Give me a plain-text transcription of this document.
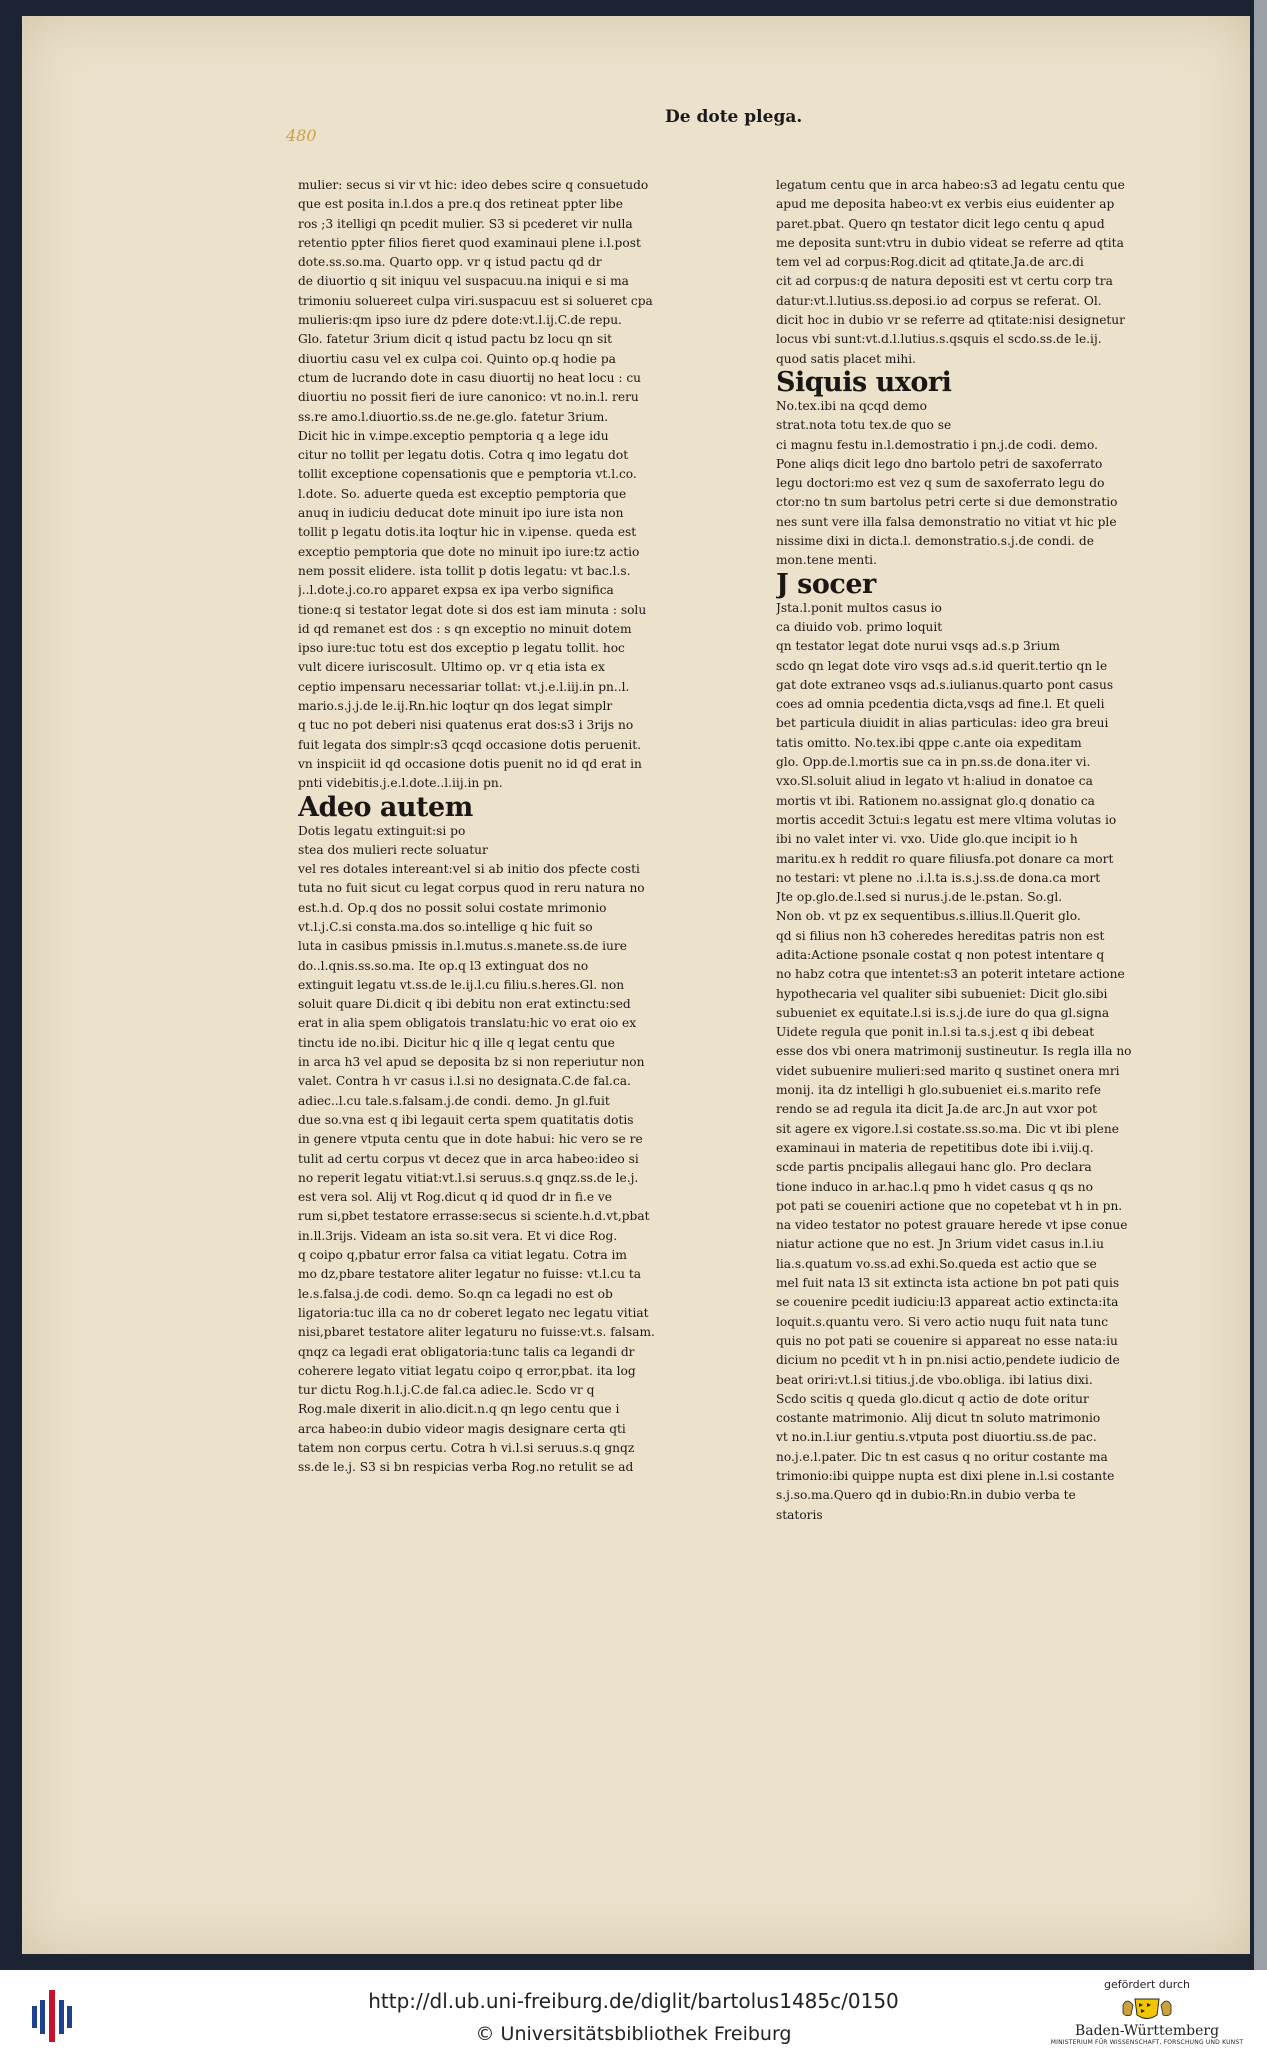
480
De dote plega.

mulier: secus si vir vt hic: ideo debes scire q consuetudo
que est posita in.l.dos a pre.q dos retineat ppter libe
ros ;3 itelligi qn pcedit mulier. S3 si pcederet vir nulla
retentio ppter filios fieret quod examinaui plene i.l.post
dote.ss.so.ma. Quarto opp. vr q istud pactu qd dr
de diuortio q sit iniquu vel suspacuu.na iniqui e si ma
trimoniu soluereet culpa viri.suspacuu est si solueret cpa
mulieris:qm ipso iure dz pdere dote:vt.l.ij.C.de repu.
Glo. fatetur 3rium dicit q istud pactu bz locu qn sit
diuortiu casu vel ex culpa coi. Quinto op.q hodie pa
ctum de lucrando dote in casu diuortij no heat locu : cu
diuortiu no possit fieri de iure canonico: vt no.in.l. reru
ss.re amo.l.diuortio.ss.de ne.ge.glo. fatetur 3rium.
Dicit hic in v.impe.exceptio pemptoria q a lege idu
citur no tollit per legatu dotis. Cotra q imo legatu dot
tollit exceptione copensationis que e pemptoria vt.l.co.
l.dote. So. aduerte queda est exceptio pemptoria que
anuq in iudiciu deducat dote minuit ipo iure ista non
tollit p legatu dotis.ita loqtur hic in v.ipense. queda est
exceptio pemptoria que dote no minuit ipo iure:tz actio
nem possit elidere. ista tollit p dotis legatu: vt bac.l.s.
j..l.dote.j.co.ro apparet expsa ex ipa verbo significa
tione:q si testator legat dote si dos est iam minuta : solu
id qd remanet est dos : s qn exceptio no minuit dotem
ipso iure:tuc totu est dos exceptio p legatu tollit. hoc
vult dicere iuriscosult. Ultimo op. vr q etia ista ex
ceptio impensaru necessariar tollat: vt.j.e.l.iij.in pn..l.
mario.s.j.j.de le.ij.Rn.hic loqtur qn dos legat simplr
q tuc no pot deberi nisi quatenus erat dos:s3 i 3rijs no
fuit legata dos simplr:s3 qcqd occasione dotis peruenit.
vn inspiciit id qd occasione dotis puenit no id qd erat in
pnti videbitis.j.e.l.dote..l.iij.in pn.

Adeo autem

Dotis legatu extinguit:si po
stea dos mulieri recte soluatur
vel res dotales intereant:vel si ab initio dos pfecte costi
tuta no fuit sicut cu legat corpus quod in reru natura no
est.h.d. Op.q dos no possit solui costate mrimonio
vt.l.j.C.si consta.ma.dos so.intellige q hic fuit so
luta in casibus pmissis in.l.mutus.s.manete.ss.de iure
do..l.qnis.ss.so.ma. Ite op.q l3 extinguat dos no
extinguit legatu vt.ss.de le.ij.l.cu filiu.s.heres.Gl. non
soluit quare Di.dicit q ibi debitu non erat extinctu:sed
erat in alia spem obligatois translatu:hic vo erat oio ex
tinctu ide no.ibi. Dicitur hic q ille q legat centu que
in arca h3 vel apud se deposita bz si non reperiutur non
valet. Contra h vr casus i.l.si no designata.C.de fal.ca.
adiec..l.cu tale.s.falsam.j.de condi. demo. Jn gl.fuit
due so.vna est q ibi legauit certa spem quatitatis dotis
in genere vtputa centu que in dote habui: hic vero se re
tulit ad certu corpus vt decez que in arca habeo:ideo si
no reperit legatu vitiat:vt.l.si seruus.s.q gnqz.ss.de le.j.
est vera sol. Alij vt Rog.dicut q id quod dr in fi.e ve
rum si,pbet testatore errasse:secus si sciente.h.d.vt,pbat
in.ll.3rijs. Videam an ista so.sit vera. Et vi dice Rog.
q coipo q,pbatur error falsa ca vitiat legatu. Cotra im
mo dz,pbare testatore aliter legatur no fuisse: vt.l.cu ta
le.s.falsa.j.de codi. demo. So.qn ca legadi no est ob
ligatoria:tuc illa ca no dr coberet legato nec legatu vitiat
nisi,pbaret testatore aliter legaturu no fuisse:vt.s. falsam.
qnqz ca legadi erat obligatoria:tunc talis ca legandi dr
coherere legato vitiat legatu coipo q error,pbat. ita log
tur dictu Rog.h.l.j.C.de fal.ca adiec.le. Scdo vr q
Rog.male dixerit in alio.dicit.n.q qn lego centu que i
arca habeo:in dubio videor magis designare certa qti
tatem non corpus certu. Cotra h vi.l.si seruus.s.q gnqz
ss.de le.j. S3 si bn respicias verba Rog.no retulit se ad

legatum centu que in arca habeo:s3 ad legatu centu que
apud me deposita habeo:vt ex verbis eius euidenter ap
paret.pbat. Quero qn testator dicit lego centu q apud
me deposita sunt:vtru in dubio videat se referre ad qtita
tem vel ad corpus:Rog.dicit ad qtitate.Ja.de arc.di
cit ad corpus:q de natura depositi est vt certu corp tra
datur:vt.l.lutius.ss.deposi.io ad corpus se referat. Ol.
dicit hoc in dubio vr se referre ad qtitate:nisi designetur
locus vbi sunt:vt.d.l.lutius.s.qsquis el scdo.ss.de le.ij.
quod satis placet mihi.

Siquis uxori

No.tex.ibi na qcqd demo
strat.nota totu tex.de quo se
ci magnu festu in.l.demostratio i pn.j.de codi. demo.
Pone aliqs dicit lego dno bartolo petri de saxoferrato
legu doctori:mo est vez q sum de saxoferrato legu do
ctor:no tn sum bartolus petri certe si due demonstratio
nes sunt vere illa falsa demonstratio no vitiat vt hic ple
nissime dixi in dicta.l. demonstratio.s.j.de condi. de
mon.tene menti.

J socer

Jsta.l.ponit multos casus io
ca diuido vob. primo loquit
qn testator legat dote nurui vsqs ad.s.p 3rium
scdo qn legat dote viro vsqs ad.s.id querit.tertio qn le
gat dote extraneo vsqs ad.s.iulianus.quarto pont casus
coes ad omnia pcedentia dicta,vsqs ad fine.l. Et queli
bet particula diuidit in alias particulas: ideo gra breui
tatis omitto. No.tex.ibi qppe c.ante oia expeditam
glo. Opp.de.l.mortis sue ca in pn.ss.de dona.iter vi.
vxo.Sl.soluit aliud in legato vt h:aliud in donatoe ca
mortis vt ibi. Rationem no.assignat glo.q donatio ca
mortis accedit 3ctui:s legatu est mere vltima volutas io
ibi no valet inter vi. vxo. Uide glo.que incipit io h
maritu.ex h reddit ro quare filiusfa.pot donare ca mort
no testari: vt plene no .i.l.ta is.s.j.ss.de dona.ca mort
Jte op.glo.de.l.sed si nurus.j.de le.pstan. So.gl.
Non ob. vt pz ex sequentibus.s.illius.ll.Querit glo.
qd si filius non h3 coheredes hereditas patris non est
adita:Actione psonale costat q non potest intentare q
no habz cotra que intentet:s3 an poterit intetare actione
hypothecaria vel qualiter sibi subueniet: Dicit glo.sibi
subueniet ex equitate.l.si is.s.j.de iure do qua gl.signa
Uidete regula que ponit in.l.si ta.s.j.est q ibi debeat
esse dos vbi onera matrimonij sustineutur. Is regla illa no
videt subuenire mulieri:sed marito q sustinet onera mri
monij. ita dz intelligi h glo.subueniet ei.s.marito refe
rendo se ad regula ita dicit Ja.de arc.Jn aut vxor pot
sit agere ex vigore.l.si costate.ss.so.ma. Dic vt ibi plene
examinaui in materia de repetitibus dote ibi i.viij.q.
scde partis pncipalis allegaui hanc glo. Pro declara
tione induco in ar.hac.l.q pmo h videt casus q qs no
pot pati se coueniri actione que no copetebat vt h in pn.
na video testator no potest grauare herede vt ipse conue
niatur actione que no est. Jn 3rium videt casus in.l.iu
lia.s.quatum vo.ss.ad exhi.So.queda est actio que se
mel fuit nata l3 sit extincta ista actione bn pot pati quis
se couenire pcedit iudiciu:l3 appareat actio extincta:ita
loquit.s.quantu vero. Si vero actio nuqu fuit nata tunc
quis no pot pati se couenire si appareat no esse nata:iu
dicium no pcedit vt h in pn.nisi actio,pendete iudicio de
beat oriri:vt.l.si titius.j.de vbo.obliga. ibi latius dixi.
Scdo scitis q queda glo.dicut q actio de dote oritur
costante matrimonio. Alij dicut tn soluto matrimonio
vt no.in.l.iur gentiu.s.vtputa post diuortiu.ss.de pac.
no.j.e.l.pater. Dic tn est casus q no oritur costante ma
trimonio:ibi quippe nupta est dixi plene in.l.si costante
s.j.so.ma.Quero qd in dubio:Rn.in dubio verba te
statoris

http://dl.ub.uni-freiburg.de/diglit/bartolus1485c/0150
© Universitätsbibliothek Freiburg
gefördert durch
Baden-Württemberg
MINISTERIUM FÜR WISSENSCHAFT, FORSCHUNG UND KUNST
